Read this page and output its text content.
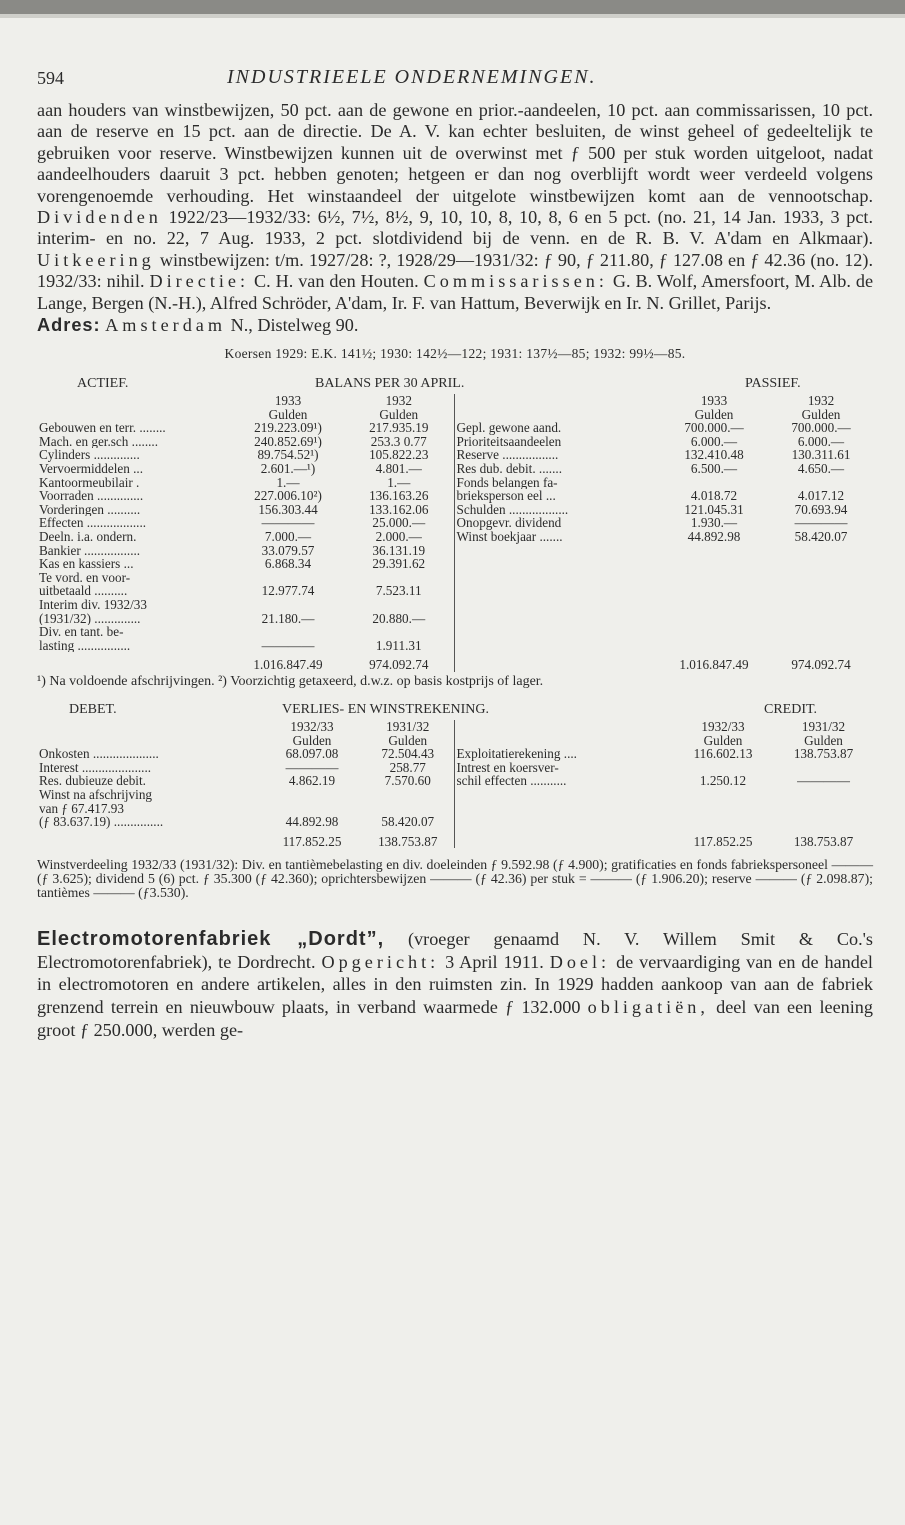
594	INDUSTRIEELE ONDERNEMINGEN.

aan houders van winstbewijzen, 50 pct. aan de gewone en prior.-aandeelen, 10 pct. aan commissarissen, 10 pct. aan de reserve en 15 pct. aan de directie. De A. V. kan echter besluiten, de winst geheel of gedeeltelijk te gebruiken voor reserve. Winstbewijzen kunnen uit de overwinst met ƒ 500 per stuk worden uitgeloot, nadat aandeelhouders daaruit 3 pct. hebben genoten; hetgeen er dan nog overblijft wordt weer verdeeld volgens vorengenoemde verhouding. Het winstaandeel der uitgelote winstbewijzen komt aan de vennootschap. Dividenden 1922/23—1932/33: 6½, 7½, 8½, 9, 10, 10, 8, 10, 8, 6 en 5 pct. (no. 21, 14 Jan. 1933, 3 pct. interim- en no. 22, 7 Aug. 1933, 2 pct. slotdividend bij de venn. en de R. B. V. A'dam en Alkmaar). Uitkeering winstbewijzen: t/m. 1927/28: ?, 1928/29—1931/32: ƒ 90, ƒ 211.80, ƒ 127.08 en ƒ 42.36 (no. 12). 1932/33: nihil. Directie: C. H. van den Houten. Commissarissen: G. B. Wolf, Amersfoort, M. Alb. de Lange, Bergen (N.-H.), Alfred Schröder, A'dam, Ir. F. van Hattum, Beverwijk en Ir. N. Grillet, Parijs.

Adres: Amsterdam N., Distelweg 90.

Koersen 1929: E.K. 141½; 1930: 142½—122; 1931: 137½—85; 1932: 99½—85.

ACTIEF.	BALANS PER 30 APRIL.	PASSIEF.
	1933	1932		1933	1932
	Gulden	Gulden		Gulden	Gulden
Gebouwen en terr. ........	219.223.09¹)	217.935.19	Gepl. gewone aand.	700.000.—	700.000.—
Mach. en ger.sch ........	240.852.69¹)	253.3 0.77	Prioriteitsaandeelen	6.000.—	6.000.—
Cylinders ..............	89.754.52¹)	105.822.23	Reserve .................	132.410.48	130.311.61
Vervoermiddelen ...	2.601.—¹)	4.801.—	Res dub. debit. .......	6.500.—	4.650.—
Kantoormeubilair .	1.—	1.—	Fonds belangen fa-		
Voorraden ..............	227.006.10²)	136.163.26	brieksperson eel ...	4.018.72	4.017.12
Vorderingen ..........	156.303.44	133.162.06	Schulden ..................	121.045.31	70.693.94
Effecten ..................	————	25.000.—	Onopgevr. dividend	1.930.—	————
Deeln. i.a. ondern.	7.000.—	2.000.—	Winst boekjaar .......	44.892.98	58.420.07
Bankier .................	33.079.57	36.131.19			
Kas en kassiers ...	6.868.34	29.391.62			
Te vord. en voor-					
uitbetaald ..........	12.977.74	7.523.11			
Interim div. 1932/33					
(1931/32) ..............	21.180.—	20.880.—			
Div. en tant. be-					
lasting ................	————	1.911.31			
	1.016.847.49	974.092.74		1.016.847.49	974.092.74

¹) Na voldoende afschrijvingen. ²) Voorzichtig getaxeerd, d.w.z. op basis kostprijs of lager.

DEBET.	VERLIES- EN WINSTREKENING.	CREDIT.
	1932/33	1931/32		1932/33	1931/32
	Gulden	Gulden		Gulden	Gulden
Onkosten ....................	68.097.08	72.504.43	Exploitatierekening ....	116.602.13	138.753.87
Interest .....................	————	258.77	Intrest en koersver-		
Res. dubieuze debit.	4.862.19	7.570.60	schil effecten ...........	1.250.12	————
Winst na afschrijving					
van ƒ 67.417.93					
(ƒ 83.637.19) ...............	44.892.98	58.420.07			
	117.852.25	138.753.87		117.852.25	138.753.87

Winstverdeeling 1932/33 (1931/32): Div. en tantièmebelasting en div. doeleinden ƒ 9.592.98 (ƒ 4.900); gratificaties en fonds fabriekspersoneel ——— (ƒ 3.625); dividend 5 (6) pct. ƒ 35.300 (ƒ 42.360); oprichtersbewijzen ——— (ƒ 42.36) per stuk = ——— (ƒ 1.906.20); reserve ——— (ƒ 2.098.87); tantièmes ——— (ƒ3.530).

Electromotorenfabriek „Dordt”, (vroeger genaamd N. V. Willem Smit & Co.'s Electromotorenfabriek), te Dordrecht. Opgericht: 3 April 1911. Doel: de vervaardiging van en de handel in electromotoren en andere artikelen, alles in den ruimsten zin. In 1929 hadden aankoop van aan de fabriek grenzend terrein en nieuwbouw plaats, in verband waarmede ƒ 132.000 obligatiën, deel van een leening groot ƒ 250.000, werden ge-
